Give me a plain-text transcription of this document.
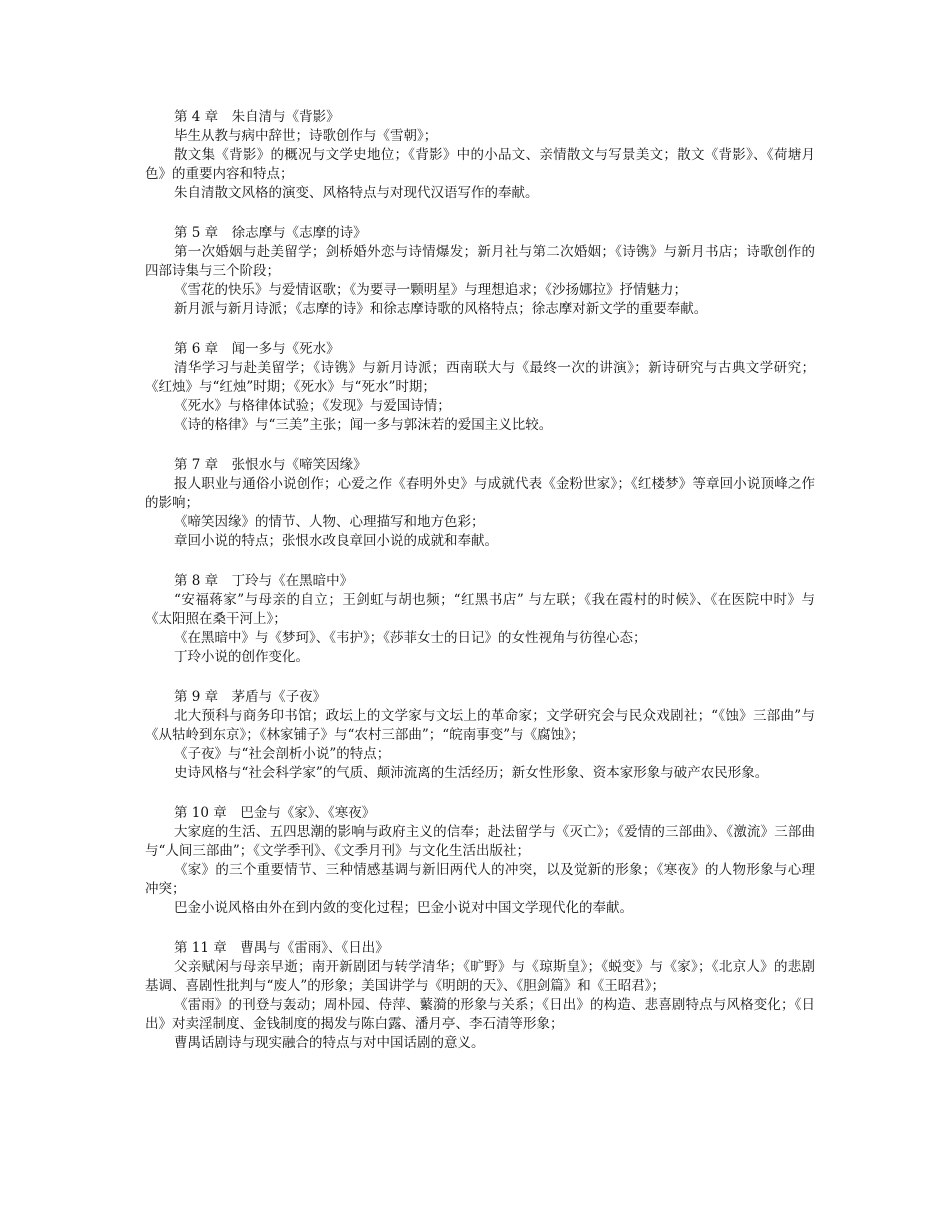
第 4 章　朱自清与《背影》

毕生从教与病中辞世；诗歌创作与《雪朝》；

散文集《背影》的概况与文学史地位；《背影》中的小品文、亲情散文与写景美文；散文《背影》、《荷塘月色》的重要内容和特点；

朱自清散文风格的演变、风格特点与对现代汉语写作的奉献。

第 5 章　徐志摩与《志摩的诗》

第一次婚姻与赴美留学；剑桥婚外恋与诗情爆发；新月社与第二次婚姻；《诗镌》与新月书店；诗歌创作的四部诗集与三个阶段；

《雪花的快乐》与爱情讴歌；《为要寻一颗明星》与理想追求；《沙扬娜拉》抒情魅力；

新月派与新月诗派；《志摩的诗》和徐志摩诗歌的风格特点；徐志摩对新文学的重要奉献。

第 6 章　闻一多与《死水》

清华学习与赴美留学；《诗镌》与新月诗派；西南联大与《最终一次的讲演》；新诗研究与古典文学研究；《红烛》与“红烛”时期；《死水》与“死水”时期；

《死水》与格律体试验；《发现》与爱国诗情；

《诗的格律》与“三美”主张；闻一多与郭沫若的爱国主义比较。

第 7 章　张恨水与《啼笑因缘》

报人职业与通俗小说创作；心爱之作《春明外史》与成就代表《金粉世家》；《红楼梦》等章回小说顶峰之作的影响；

《啼笑因缘》的情节、人物、心理描写和地方色彩；

章回小说的特点；张恨水改良章回小说的成就和奉献。

第 8 章　丁玲与《在黑暗中》

“安福蒋家”与母亲的自立；王剑虹与胡也频；“红黑书店” 与左联；《我在霞村的时候》、《在医院中时》与《太阳照在桑干河上》；

《在黑暗中》与《梦珂》、《韦护》；《莎菲女士的日记》的女性视角与彷徨心态；

丁玲小说的创作变化。

第 9 章　茅盾与《子夜》

北大预科与商务印书馆；政坛上的文学家与文坛上的革命家；文学研究会与民众戏剧社；“《蚀》三部曲”与《从牯岭到东京》；《林家铺子》与“农村三部曲”；“皖南事变”与《腐蚀》；

《子夜》与“社会剖析小说”的特点；

史诗风格与“社会科学家”的气质、颠沛流离的生活经历；新女性形象、资本家形象与破产农民形象。

第 10 章　巴金与《家》、《寒夜》

大家庭的生活、五四思潮的影响与政府主义的信奉；赴法留学与《灭亡》；《爱情的三部曲》、《激流》三部曲与“人间三部曲”；《文学季刊》、《文季月刊》与文化生活出版社；

《家》的三个重要情节、三种情感基调与新旧两代人的冲突，以及觉新的形象；《寒夜》的人物形象与心理冲突；

巴金小说风格由外在到内敛的变化过程；巴金小说对中国文学现代化的奉献。

第 11 章　曹禺与《雷雨》、《日出》

父亲赋闲与母亲早逝；南开新剧团与转学清华；《旷野》与《琼斯皇》；《蜕变》与《家》；《北京人》的悲剧基调、喜剧性批判与“废人”的形象；美国讲学与《明朗的天》、《胆剑篇》和《王昭君》；

《雷雨》的刊登与轰动；周朴园、侍萍、蘩漪的形象与关系；《日出》的构造、悲喜剧特点与风格变化；《日出》对卖淫制度、金钱制度的揭发与陈白露、潘月亭、李石清等形象；

曹禺话剧诗与现实融合的特点与对中国话剧的意义。
